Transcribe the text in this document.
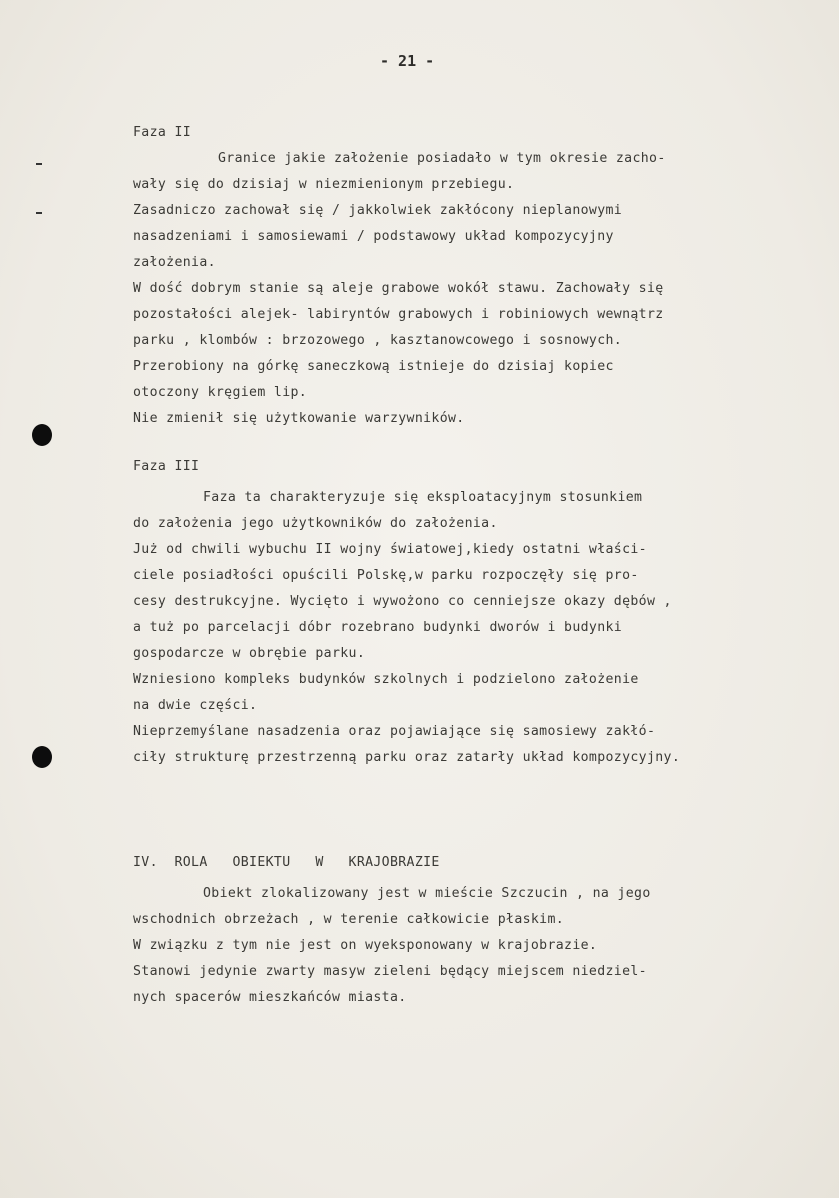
- 21 -
Faza II
Granice jakie założenie posiadało w tym okresie zacho-
wały się do dzisiaj w niezmienionym przebiegu.
Zasadniczo zachował się / jakkolwiek zakłócony nieplanowymi
nasadzeniami i samosiewami / podstawowy układ kompozycyjny
założenia.
W dość dobrym stanie są aleje grabowe wokół stawu. Zachowały się
pozostałości alejek- labiryntów grabowych i robiniowych wewnątrz
parku , klombów : brzozowego , kasztanowcowego i sosnowych.
Przerobiony na górkę saneczkową istnieje do dzisiaj kopiec
otoczony kręgiem lip.
Nie zmienił się użytkowanie warzywników.
Faza III
Faza ta charakteryzuje się eksploatacyjnym stosunkiem
do założenia jego użytkowników do założenia.
Już od chwili wybuchu II wojny światowej,kiedy ostatni właści-
ciele posiadłości opuścili Polskę,w parku rozpoczęły się pro-
cesy destrukcyjne. Wycięto i wywożono co cenniejsze okazy dębów ,
a tuż po parcelacji dóbr rozebrano budynki dworów i budynki
gospodarcze w obrębie parku.
Wzniesiono kompleks budynków szkolnych i podzielono założenie
na dwie części.
Nieprzemyślane nasadzenia oraz pojawiające się samosiewy zakłó-
ciły strukturę przestrzenną parku oraz zatarły układ kompozycyjny.
IV.  ROLA   OBIEKTU   W   KRAJOBRAZIE
Obiekt zlokalizowany jest w mieście Szczucin , na jego
wschodnich obrzeżach , w terenie całkowicie płaskim.
W związku z tym nie jest on wyeksponowany w krajobrazie.
Stanowi jedynie zwarty masyw zieleni będący miejscem niedziel-
nych spacerów mieszkańców miasta.
